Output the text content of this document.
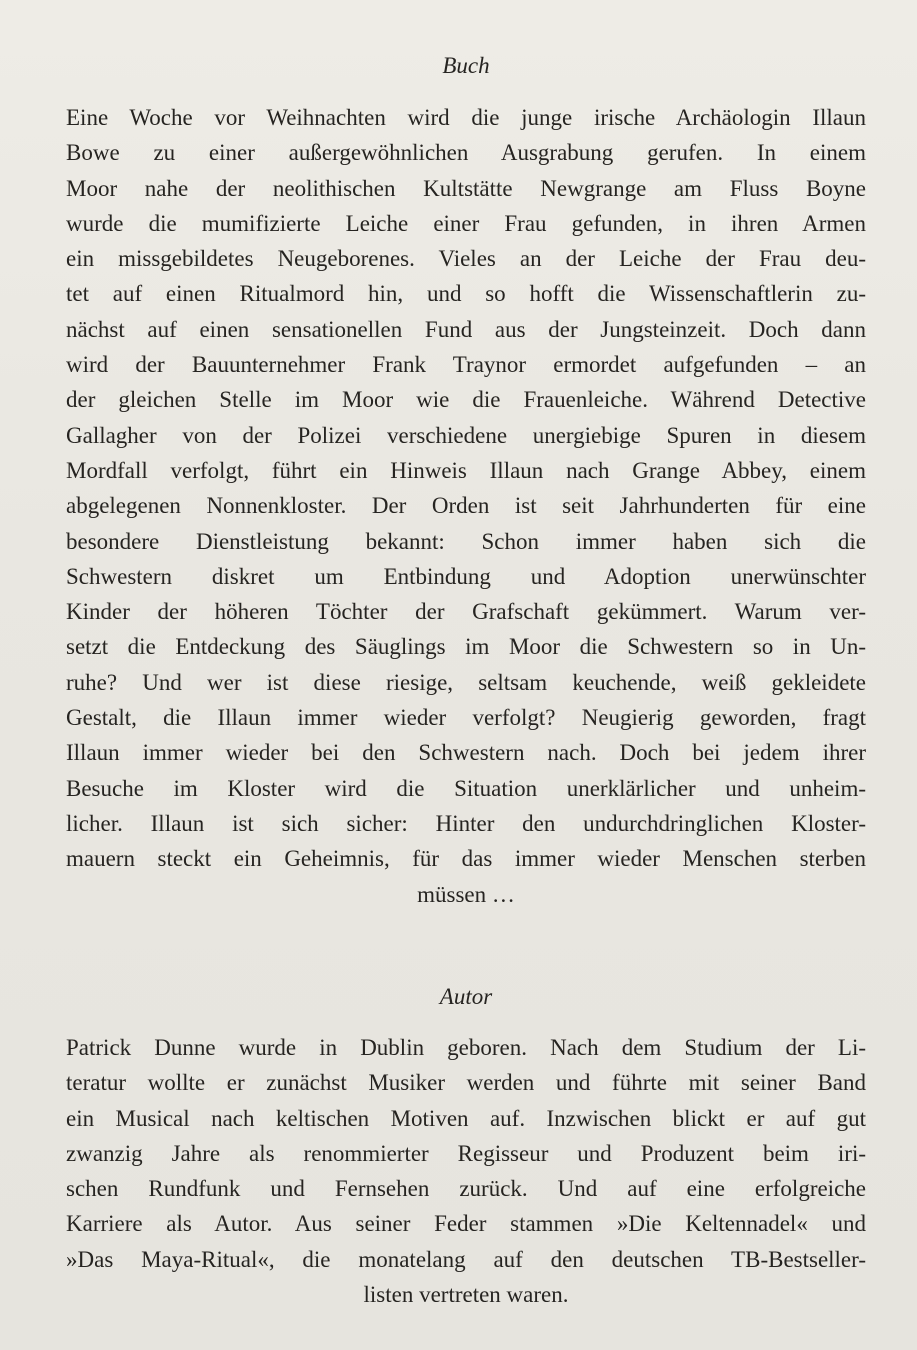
Buch
Eine Woche vor Weihnachten wird die junge irische Archäologin Illaun
Bowe zu einer außergewöhnlichen Ausgrabung gerufen. In einem
Moor nahe der neolithischen Kultstätte Newgrange am Fluss Boyne
wurde die mumifizierte Leiche einer Frau gefunden, in ihren Armen
ein missgebildetes Neugeborenes. Vieles an der Leiche der Frau deu-
tet auf einen Ritualmord hin, und so hofft die Wissenschaftlerin zu-
nächst auf einen sensationellen Fund aus der Jungsteinzeit. Doch dann
wird der Bauunternehmer Frank Traynor ermordet aufgefunden – an
der gleichen Stelle im Moor wie die Frauenleiche. Während Detective
Gallagher von der Polizei verschiedene unergiebige Spuren in diesem
Mordfall verfolgt, führt ein Hinweis Illaun nach Grange Abbey, einem
abgelegenen Nonnenkloster. Der Orden ist seit Jahrhunderten für eine
besondere Dienstleistung bekannt: Schon immer haben sich die
Schwestern diskret um Entbindung und Adoption unerwünschter
Kinder der höheren Töchter der Grafschaft gekümmert. Warum ver-
setzt die Entdeckung des Säuglings im Moor die Schwestern so in Un-
ruhe? Und wer ist diese riesige, seltsam keuchende, weiß gekleidete
Gestalt, die Illaun immer wieder verfolgt? Neugierig geworden, fragt
Illaun immer wieder bei den Schwestern nach. Doch bei jedem ihrer
Besuche im Kloster wird die Situation unerklärlicher und unheim-
licher. Illaun ist sich sicher: Hinter den undurchdringlichen Kloster-
mauern steckt ein Geheimnis, für das immer wieder Menschen sterben
müssen …
Autor
Patrick Dunne wurde in Dublin geboren. Nach dem Studium der Li-
teratur wollte er zunächst Musiker werden und führte mit seiner Band
ein Musical nach keltischen Motiven auf. Inzwischen blickt er auf gut
zwanzig Jahre als renommierter Regisseur und Produzent beim iri-
schen Rundfunk und Fernsehen zurück. Und auf eine erfolgreiche
Karriere als Autor. Aus seiner Feder stammen »Die Keltennadel« und
»Das Maya-Ritual«, die monatelang auf den deutschen TB-Bestseller-
listen vertreten waren.
